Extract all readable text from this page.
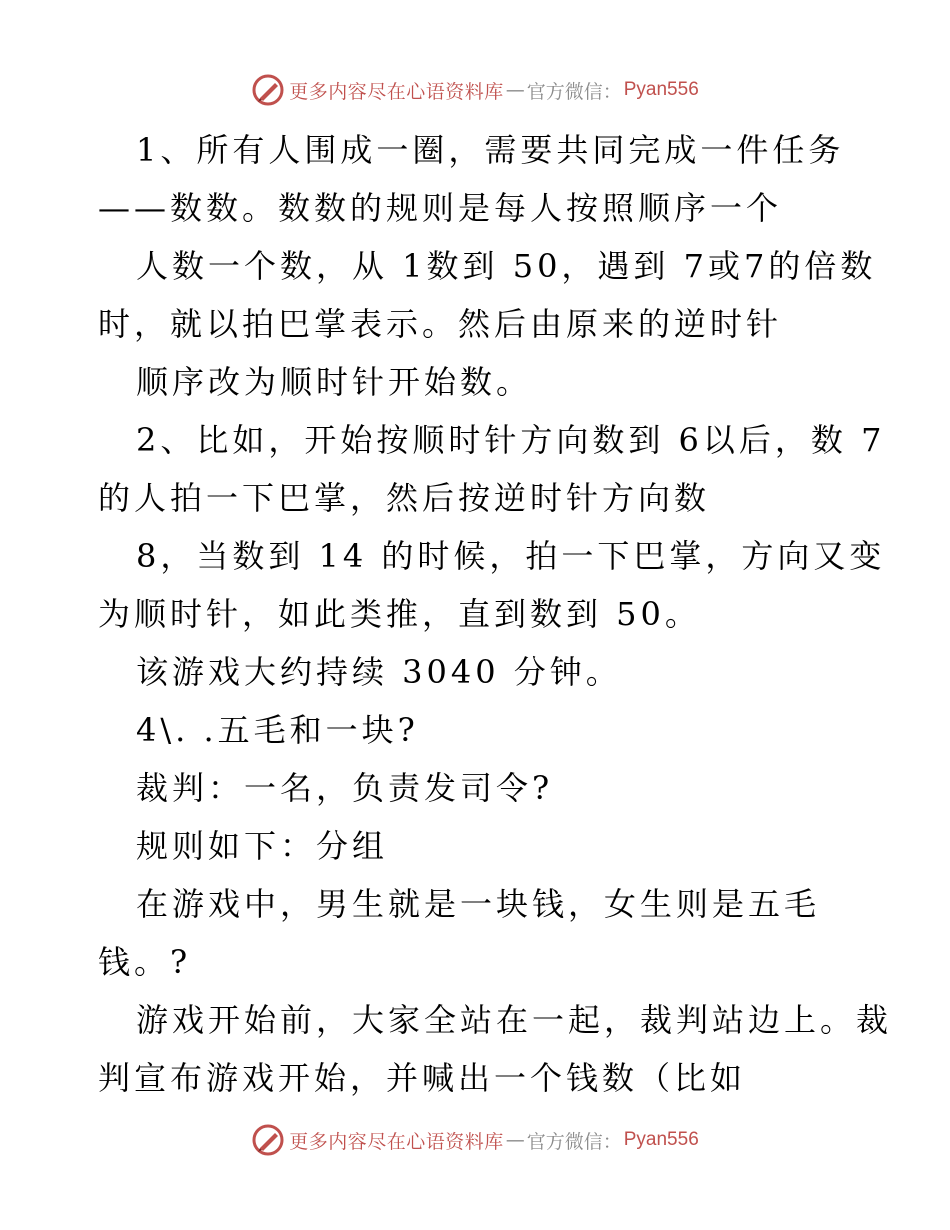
更多内容尽在心语资料库 — 官方微信： Pyan556
1、所有人围成一圈，需要共同完成一件任务
——数数。数数的规则是每人按照顺序一个
人数一个数，从 1数到 50，遇到 7或7的倍数
时，就以拍巴掌表示。然后由原来的逆时针
顺序改为顺时针开始数。
2、比如，开始按顺时针方向数到 6以后，数 7
的人拍一下巴掌，然后按逆时针方向数
8，当数到 14 的时候，拍一下巴掌，方向又变
为顺时针，如此类推，直到数到 50。
该游戏大约持续 3040 分钟。
4\. .五毛和一块?
裁判：一名，负责发司令?
规则如下：分组
在游戏中，男生就是一块钱，女生则是五毛
钱。?
游戏开始前，大家全站在一起，裁判站边上。裁
判宣布游戏开始，并喊出一个钱数（比如
更多内容尽在心语资料库 — 官方微信： Pyan556
